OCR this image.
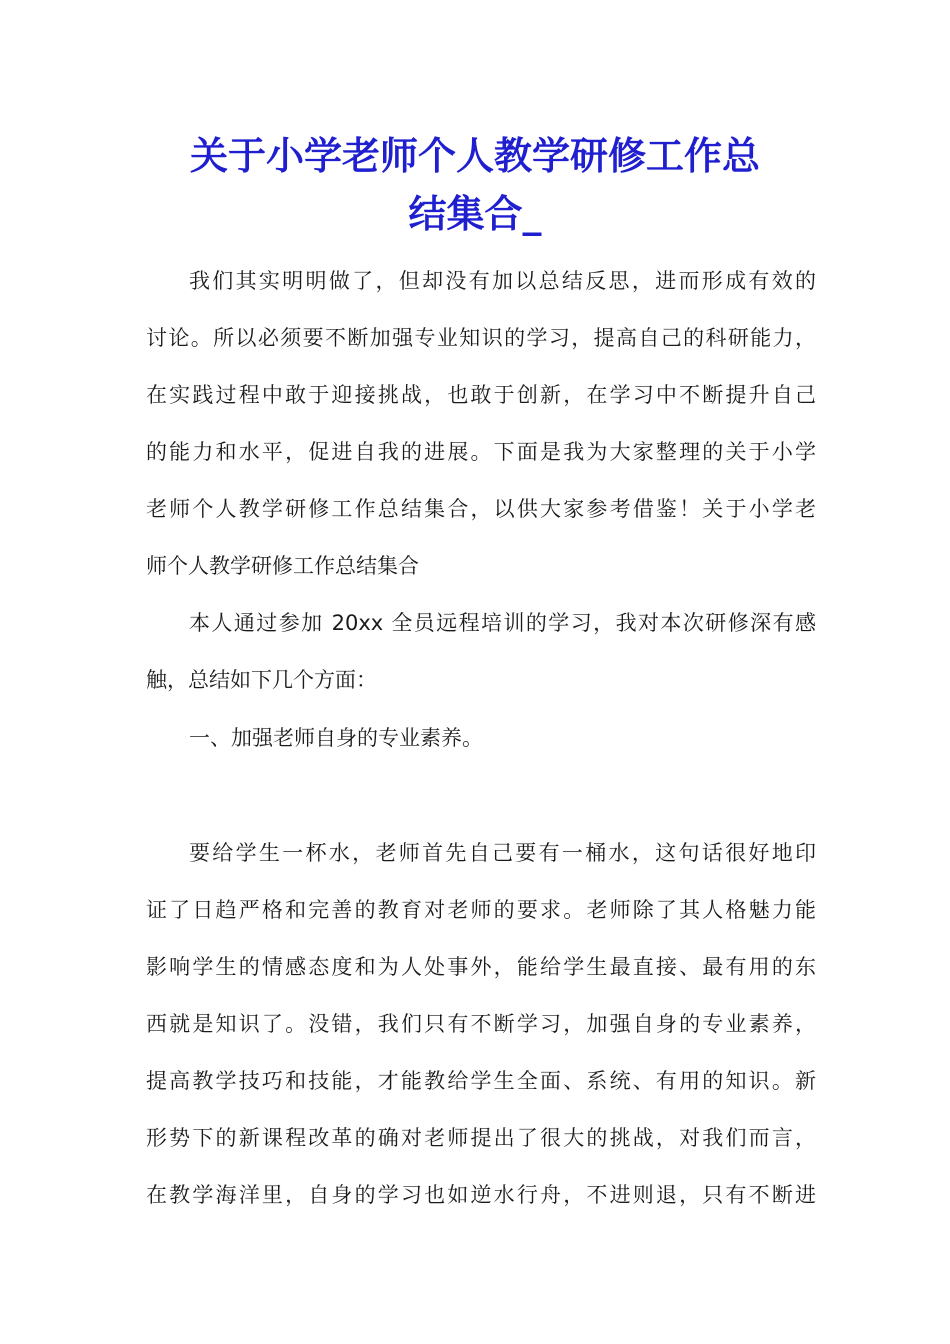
关于小学老师个人教学研修工作总
结集合_
我们其实明明做了，但却没有加以总结反思，进而形成有效的
讨论。所以必须要不断加强专业知识的学习，提高自己的科研能力，
在实践过程中敢于迎接挑战，也敢于创新，在学习中不断提升自己
的能力和水平，促进自我的进展。下面是我为大家整理的关于小学
老师个人教学研修工作总结集合，以供大家参考借鉴！关于小学老
师个人教学研修工作总结集合
本人通过参加 20xx 全员远程培训的学习，我对本次研修深有感
触，总结如下几个方面：
一、加强老师自身的专业素养。
要给学生一杯水，老师首先自己要有一桶水，这句话很好地印
证了日趋严格和完善的教育对老师的要求。老师除了其人格魅力能
影响学生的情感态度和为人处事外，能给学生最直接、最有用的东
西就是知识了。没错，我们只有不断学习，加强自身的专业素养，
提高教学技巧和技能，才能教给学生全面、系统、有用的知识。新
形势下的新课程改革的确对老师提出了很大的挑战，对我们而言，
在教学海洋里，自身的学习也如逆水行舟，不进则退，只有不断进
